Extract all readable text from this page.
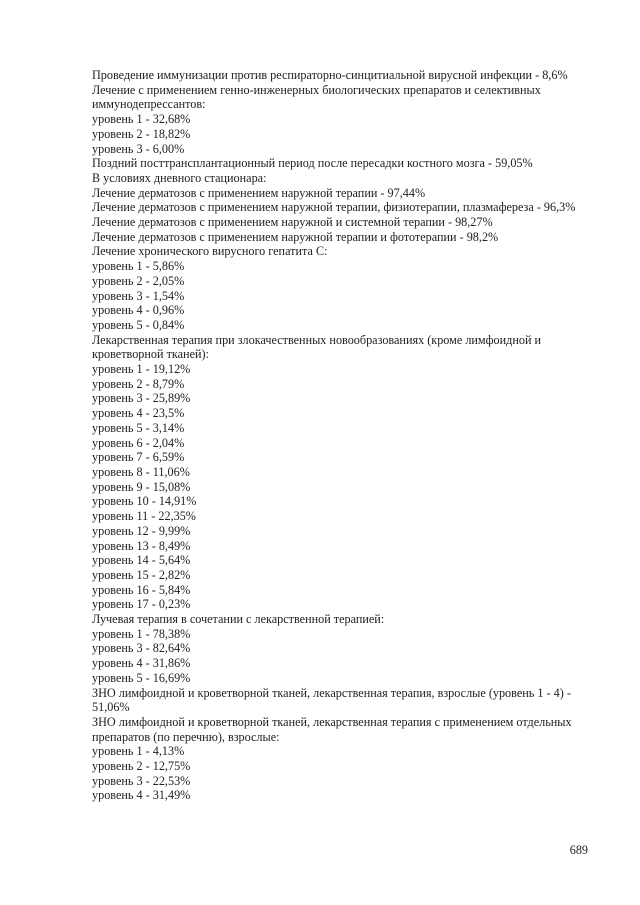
Проведение иммунизации против респираторно-синцитиальной вирусной инфекции - 8,6%
Лечение с применением генно-инженерных биологических препаратов и селективных иммунодепрессантов:
уровень 1 - 32,68%
уровень 2 - 18,82%
уровень 3 - 6,00%
Поздний посттрансплантационный период после пересадки костного мозга - 59,05%
В условиях дневного стационара:
Лечение дерматозов с применением наружной терапии - 97,44%
Лечение дерматозов с применением наружной терапии, физиотерапии, плазмафереза - 96,3%
Лечение дерматозов с применением наружной и системной терапии - 98,27%
Лечение дерматозов с применением наружной терапии и фототерапии - 98,2%
Лечение хронического вирусного гепатита С:
уровень 1 - 5,86%
уровень 2 - 2,05%
уровень 3 - 1,54%
уровень 4 - 0,96%
уровень 5 - 0,84%
Лекарственная терапия при злокачественных новообразованиях (кроме лимфоидной и кроветворной тканей):
уровень 1 - 19,12%
уровень 2 - 8,79%
уровень 3 - 25,89%
уровень 4 - 23,5%
уровень 5 - 3,14%
уровень 6 - 2,04%
уровень 7 - 6,59%
уровень 8 - 11,06%
уровень 9 - 15,08%
уровень 10 - 14,91%
уровень 11 - 22,35%
уровень 12 - 9,99%
уровень 13 - 8,49%
уровень 14 - 5,64%
уровень 15 - 2,82%
уровень 16 - 5,84%
уровень 17 - 0,23%
Лучевая терапия в сочетании с лекарственной терапией:
уровень 1 - 78,38%
уровень 3 - 82,64%
уровень 4 - 31,86%
уровень 5 - 16,69%
ЗНО лимфоидной и кроветворной тканей, лекарственная терапия, взрослые (уровень 1 - 4) - 51,06%
ЗНО лимфоидной и кроветворной тканей, лекарственная терапия с применением отдельных препаратов (по перечню), взрослые:
уровень 1 - 4,13%
уровень 2 - 12,75%
уровень 3 - 22,53%
уровень 4 - 31,49%
689
